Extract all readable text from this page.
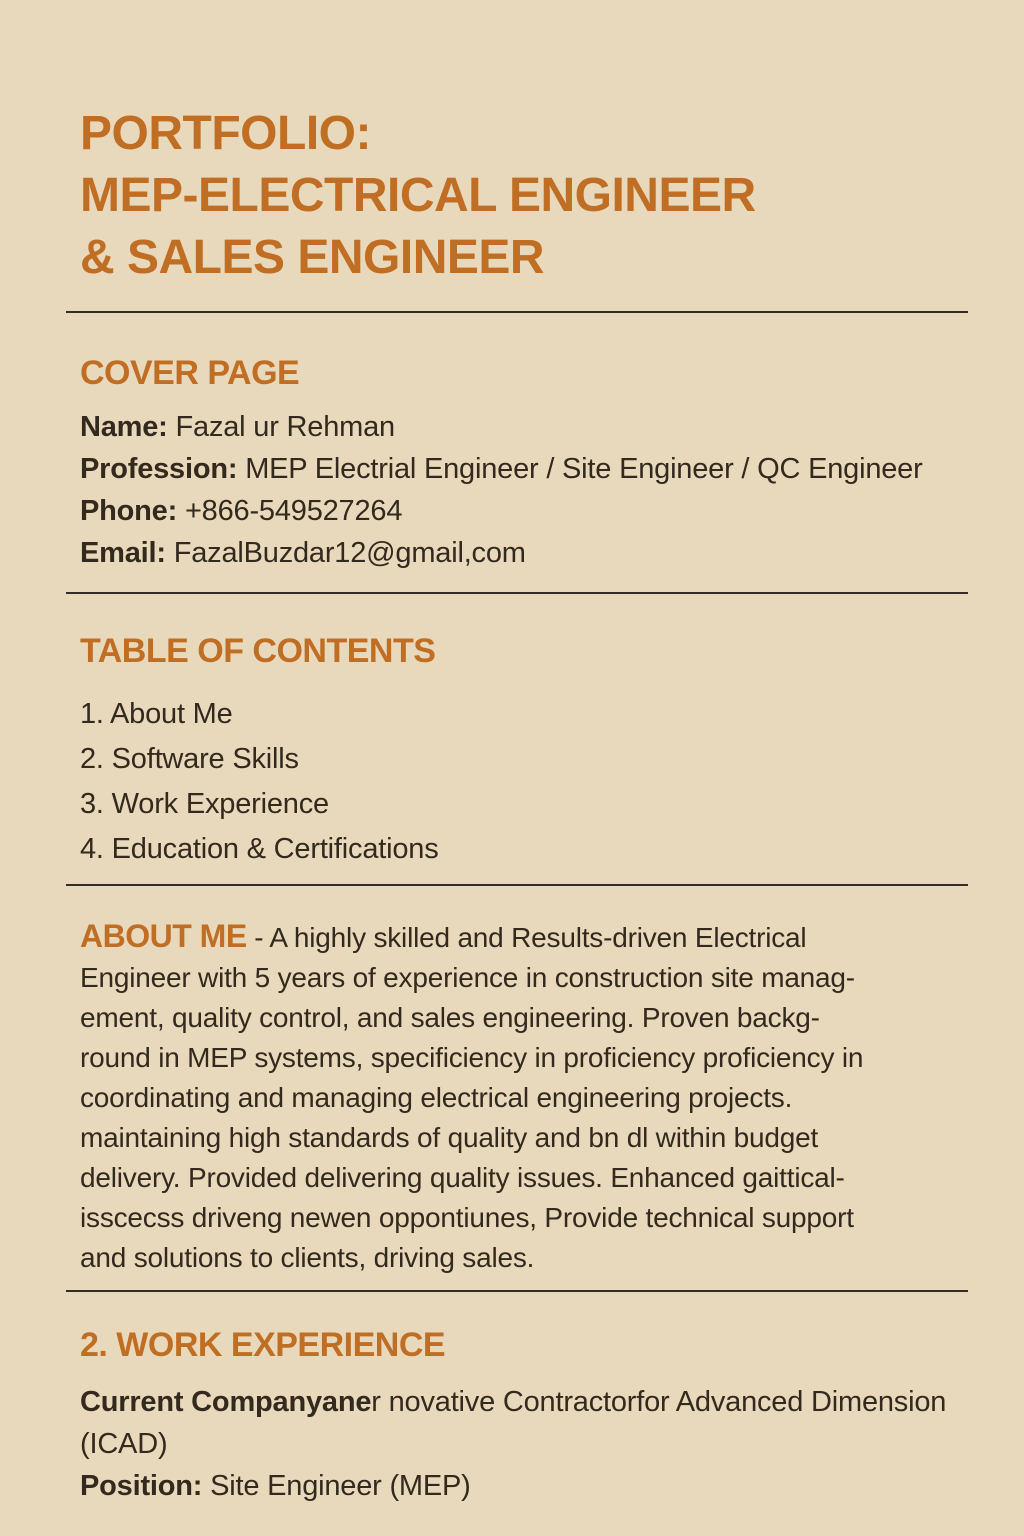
PORTFOLIO:
MEP-ELECTRICAL ENGINEER
& SALES ENGINEER
COVER PAGE
Name: Fazal ur Rehman
Profession: MEP Electrial Engineer / Site Engineer / QC Engineer
Phone: +866-549527264
Email: FazalBuzdar12@gmail,com
TABLE OF CONTENTS
1. About Me
2. Software Skills
3. Work Experience
4. Education & Certifications
ABOUT ME - A highly skilled and Results-driven Electrical
Engineer with 5 years of experience in construction site manag-
ement, quality control, and sales engineering. Proven backg-
round in MEP systems, specificiency in proficiency proficiency in
coordinating and managing electrical engineering projects.
maintaining high standards of quality and bn dl within budget
delivery. Provided delivering quality issues. Enhanced gaittical-
isscecss driveng newen oppontiunes, Provide technical support
and solutions to clients, driving sales.
2. WORK EXPERIENCE
Current Companyaner novative Contractorfor Advanced Dimension (ICAD)
Position: Site Engineer (MEP)
